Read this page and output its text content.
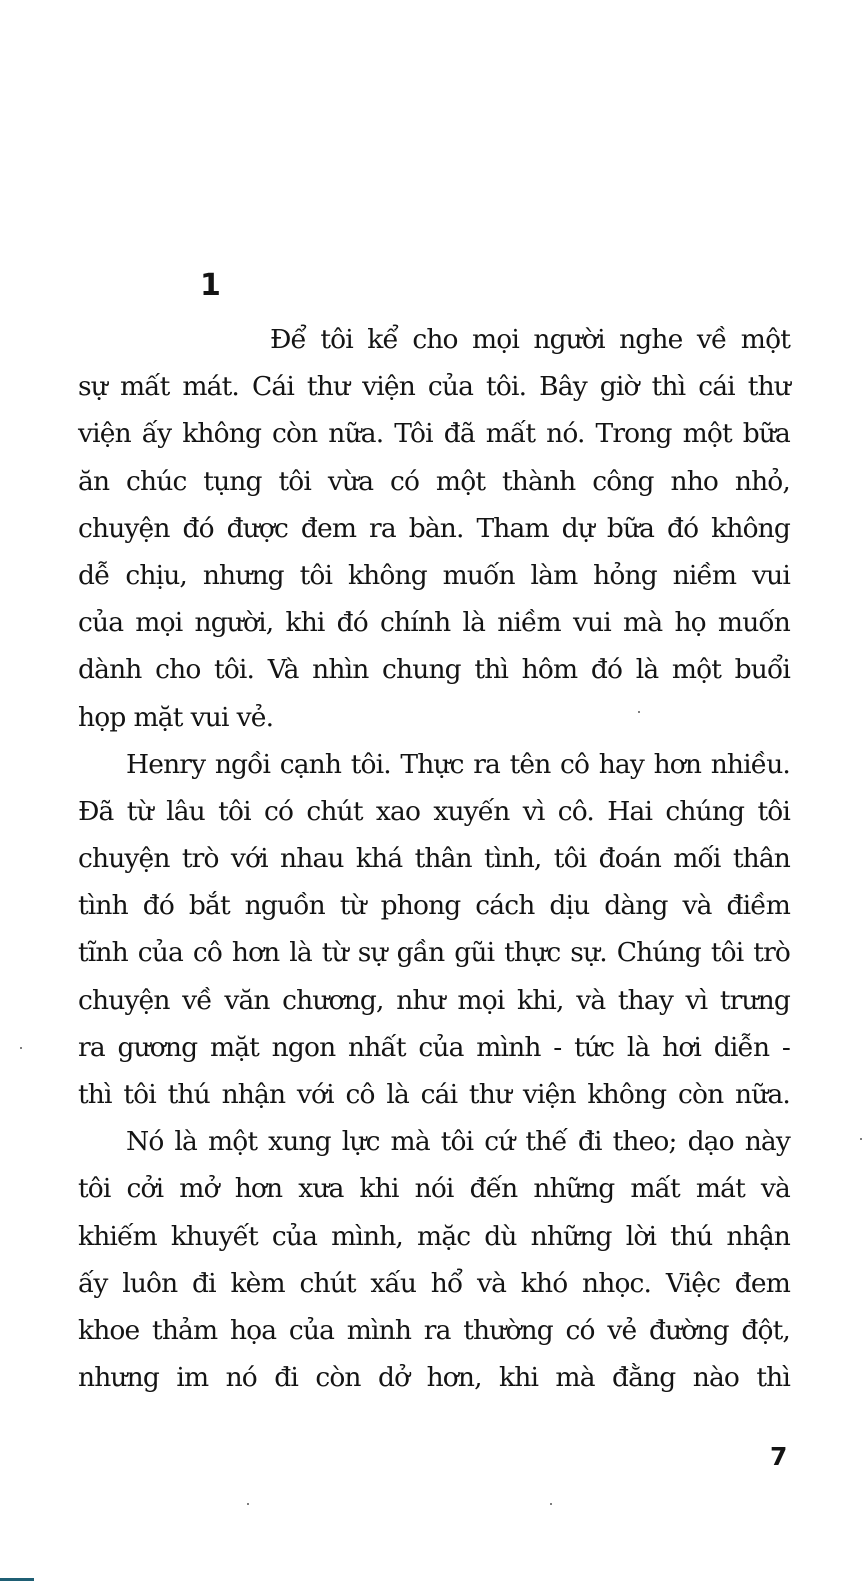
1
Để tôi kể cho mọi người nghe về một
sự mất mát. Cái thư viện của tôi. Bây giờ thì cái thư
viện ấy không còn nữa. Tôi đã mất nó. Trong một bữa
ăn chúc tụng tôi vừa có một thành công nho nhỏ,
chuyện đó được đem ra bàn. Tham dự bữa đó không
dễ chịu, nhưng tôi không muốn làm hỏng niềm vui
của mọi người, khi đó chính là niềm vui mà họ muốn
dành cho tôi. Và nhìn chung thì hôm đó là một buổi
họp mặt vui vẻ.
Henry ngồi cạnh tôi. Thực ra tên cô hay hơn nhiều.
Đã từ lâu tôi có chút xao xuyến vì cô. Hai chúng tôi
chuyện trò với nhau khá thân tình, tôi đoán mối thân
tình đó bắt nguồn từ phong cách dịu dàng và điềm
tĩnh của cô hơn là từ sự gần gũi thực sự. Chúng tôi trò
chuyện về văn chương, như mọi khi, và thay vì trưng
ra gương mặt ngon nhất của mình - tức là hơi diễn -
thì tôi thú nhận với cô là cái thư viện không còn nữa.
Nó là một xung lực mà tôi cứ thế đi theo; dạo này
tôi cởi mở hơn xưa khi nói đến những mất mát và
khiếm khuyết của mình, mặc dù những lời thú nhận
ấy luôn đi kèm chút xấu hổ và khó nhọc. Việc đem
khoe thảm họa của mình ra thường có vẻ đường đột,
nhưng im nó đi còn dở hơn, khi mà đằng nào thì
7
